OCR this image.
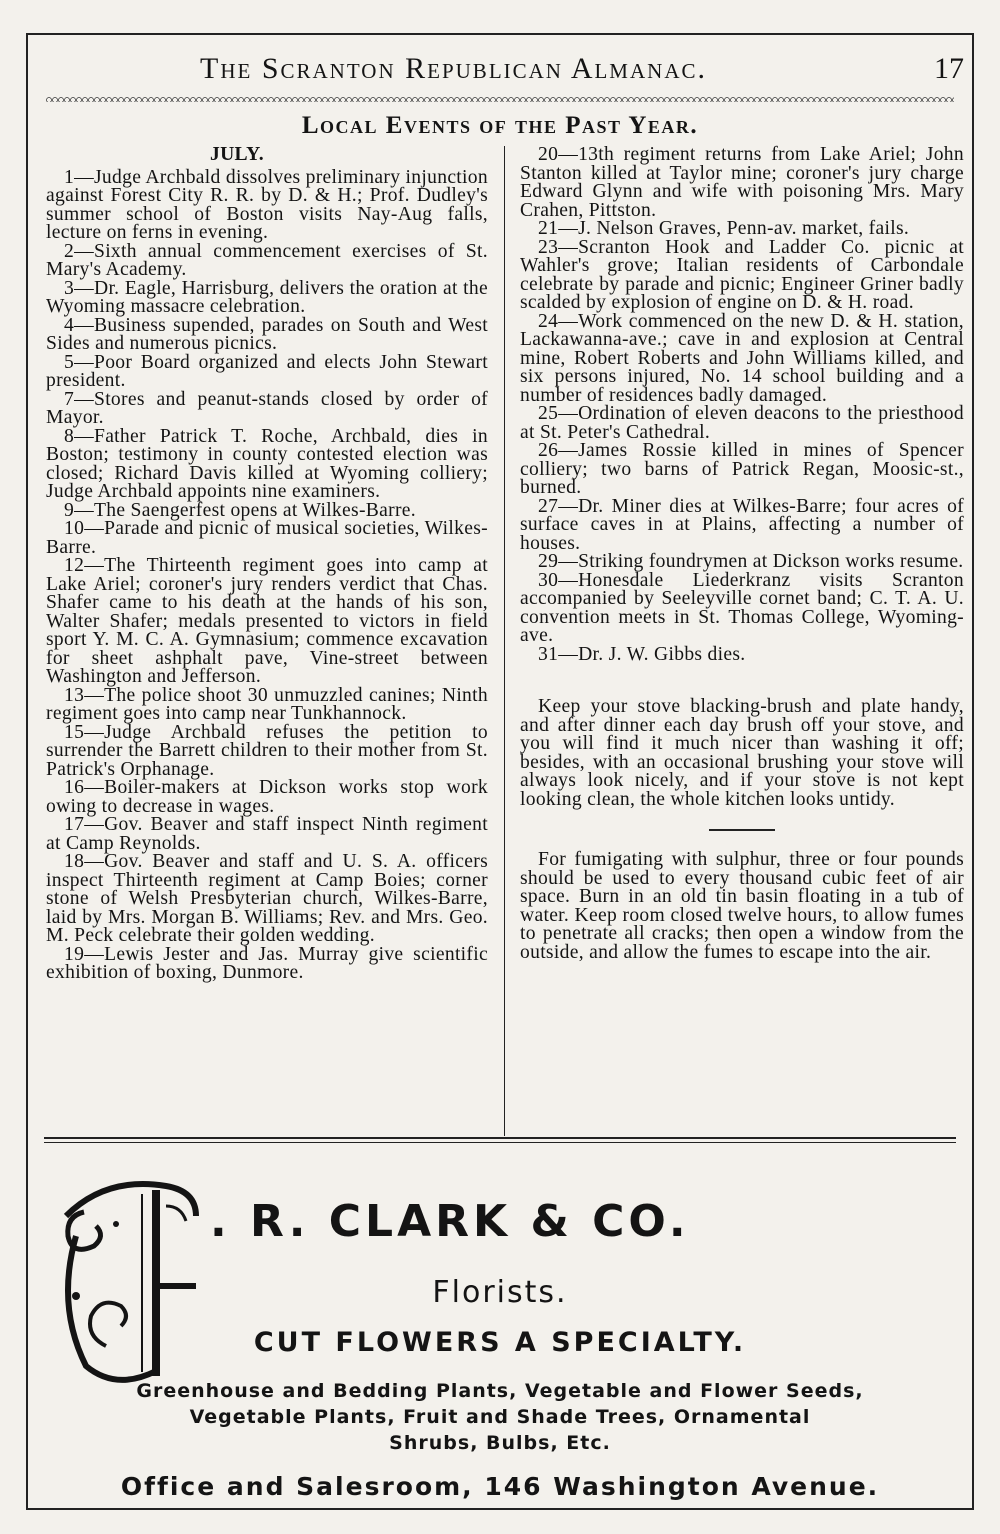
The Scranton Republican Almanac.	17
Local Events of the Past Year.

JULY.

1—Judge Archbald dissolves preliminary injunction against Forest City R. R. by D. & H.; Prof. Dudley's summer school of Boston visits Nay-Aug falls, lecture on ferns in evening.

2—Sixth annual commencement exercises of St. Mary's Academy.

3—Dr. Eagle, Harrisburg, delivers the oration at the Wyoming massacre celebration.

4—Business supended, parades on South and West Sides and numerous picnics.

5—Poor Board organized and elects John Stewart president.

7—Stores and peanut-stands closed by order of Mayor.

8—Father Patrick T. Roche, Archbald, dies in Boston; testimony in county contested election was closed; Richard Davis killed at Wyoming colliery; Judge Archbald appoints nine examiners.

9—The Saengerfest opens at Wilkes-Barre.

10—Parade and picnic of musical societies, Wilkes-Barre.

12—The Thirteenth regiment goes into camp at Lake Ariel; coroner's jury renders verdict that Chas. Shafer came to his death at the hands of his son, Walter Shafer; medals presented to victors in field sport Y. M. C. A. Gymnasium; commence excavation for sheet ashphalt pave, Vine-street between Washington and Jefferson.

13—The police shoot 30 unmuzzled canines; Ninth regiment goes into camp near Tunkhannock.

15—Judge Archbald refuses the petition to surrender the Barrett children to their mother from St. Patrick's Orphanage.

16—Boiler-makers at Dickson works stop work owing to decrease in wages.

17—Gov. Beaver and staff inspect Ninth regiment at Camp Reynolds.

18—Gov. Beaver and staff and U. S. A. officers inspect Thirteenth regiment at Camp Boies; corner stone of Welsh Presbyterian church, Wilkes-Barre, laid by Mrs. Morgan B. Williams; Rev. and Mrs. Geo. M. Peck celebrate their golden wedding.

19—Lewis Jester and Jas. Murray give scientific exhibition of boxing, Dunmore.

20—13th regiment returns from Lake Ariel; John Stanton killed at Taylor mine; coroner's jury charge Edward Glynn and wife with poisoning Mrs. Mary Crahen, Pittston.

21—J. Nelson Graves, Penn-av. market, fails.

23—Scranton Hook and Ladder Co. picnic at Wahler's grove; Italian residents of Carbondale celebrate by parade and picnic; Engineer Griner badly scalded by explosion of engine on D. & H. road.

24—Work commenced on the new D. & H. station, Lackawanna-ave.; cave in and explosion at Central mine, Robert Roberts and John Williams killed, and six persons injured, No. 14 school building and a number of residences badly damaged.

25—Ordination of eleven deacons to the priesthood at St. Peter's Cathedral.

26—James Rossie killed in mines of Spencer colliery; two barns of Patrick Regan, Moosic-st., burned.

27—Dr. Miner dies at Wilkes-Barre; four acres of surface caves in at Plains, affecting a number of houses.

29—Striking foundrymen at Dickson works resume.

30—Honesdale Liederkranz visits Scranton accompanied by Seeleyville cornet band; C. T. A. U. convention meets in St. Thomas College, Wyoming-ave.

31—Dr. J. W. Gibbs dies.

Keep your stove blacking-brush and plate handy, and after dinner each day brush off your stove, and you will find it much nicer than washing it off; besides, with an occasional brushing your stove will always look nicely, and if your stove is not kept looking clean, the whole kitchen looks untidy.

For fumigating with sulphur, three or four pounds should be used to every thousand cubic feet of air space. Burn in an old tin basin floating in a tub of water. Keep room closed twelve hours, to allow fumes to penetrate all cracks; then open a window from the outside, and allow the fumes to escape into the air.

. R. CLARK & CO.
Florists.
CUT FLOWERS A SPECIALTY.
Greenhouse and Bedding Plants, Vegetable and Flower Seeds,
Vegetable Plants, Fruit and Shade Trees, Ornamental
Shrubs, Bulbs, Etc.
Office and Salesroom, 146 Washington Avenue.
